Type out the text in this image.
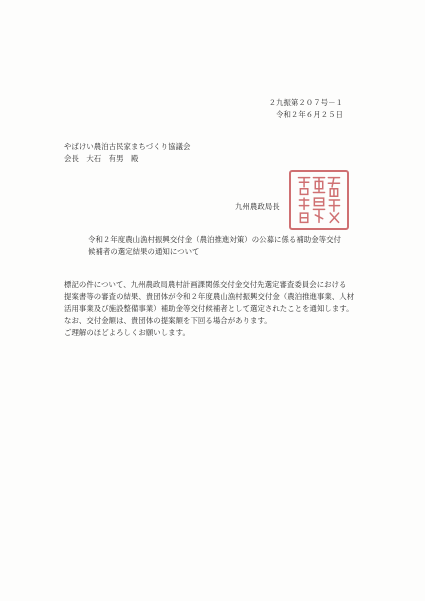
２九振第２０７号－１
令和２年６月２５日
やばけい農泊古民家まちづくり協議会
会長　大石　有男　殿
九州農政局長
令和２年度農山漁村振興交付金（農泊推進対策）の公募に係る補助金等交付
候補者の選定結果の通知について
標記の件について、九州農政局農村計画課関係交付金交付先選定審査委員会における
提案書等の審査の結果、貴団体が令和２年度農山漁村振興交付金（農泊推進事業、人材
活用事業及び施設整備事業）補助金等交付候補者として選定されたことを通知します。
なお、交付金額は、貴団体の提案額を下回る場合があります。
ご理解のほどよろしくお願いします。
